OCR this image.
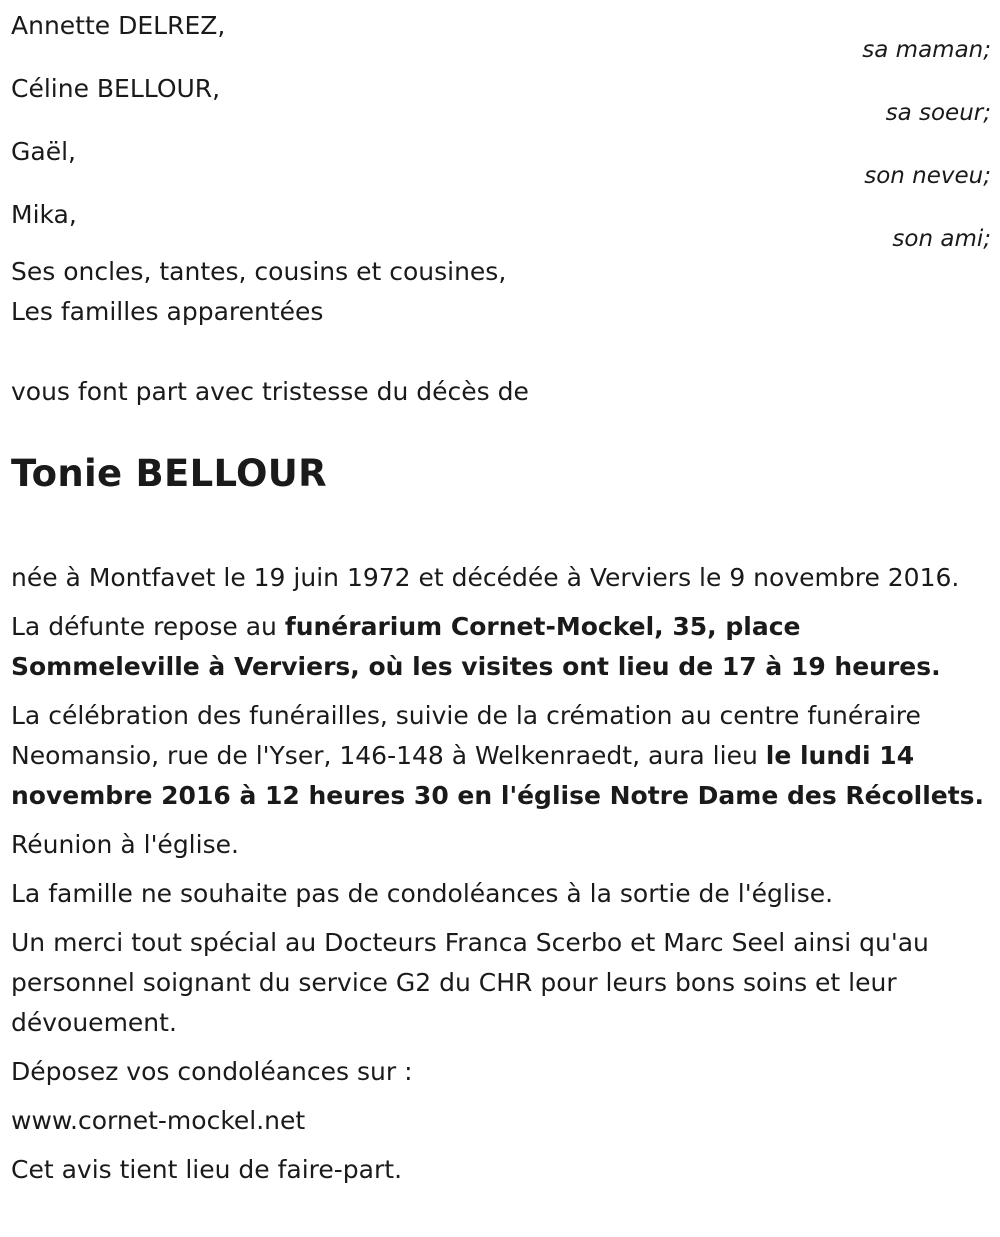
Annette DELREZ,
sa maman;
Céline BELLOUR,
sa soeur;
Gaël,
son neveu;
Mika,
son ami;
Ses oncles, tantes, cousins et cousines,
Les familles apparentées
vous font part avec tristesse du décès de
Tonie BELLOUR
née à Montfavet le 19 juin 1972 et décédée à Verviers le 9 novembre 2016.
La défunte repose au funérarium Cornet-Mockel, 35, place Sommeleville à Verviers, où les visites ont lieu de 17 à 19 heures.
La célébration des funérailles, suivie de la crémation au centre funéraire Neomansio, rue de l'Yser, 146-148 à Welkenraedt, aura lieu le lundi 14 novembre 2016 à 12 heures 30 en l'église Notre Dame des Récollets.
Réunion à l'église.
La famille ne souhaite pas de condoléances à la sortie de l'église.
Un merci tout spécial au Docteurs Franca Scerbo et Marc Seel ainsi qu'au personnel soignant du service G2 du CHR pour leurs bons soins et leur dévouement.
Déposez vos condoléances sur :
www.cornet-mockel.net
Cet avis tient lieu de faire-part.
